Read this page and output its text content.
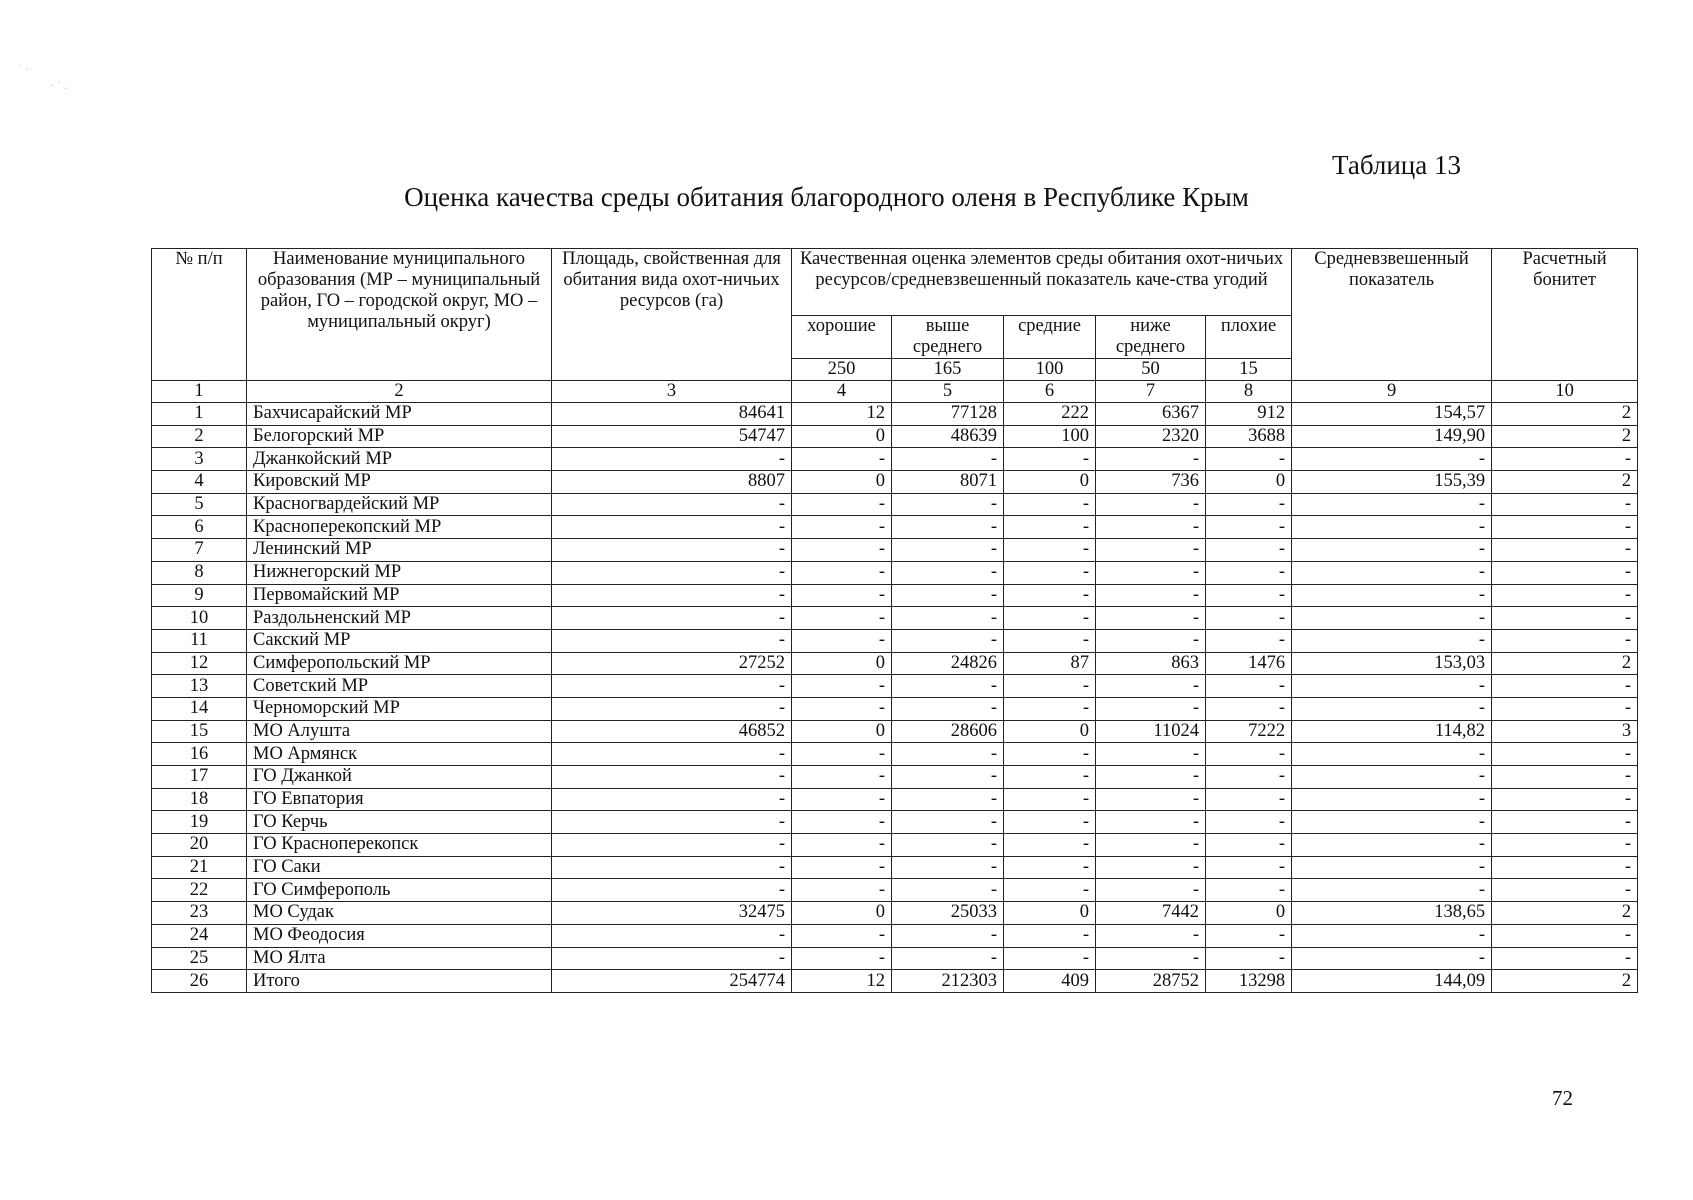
˙ ·
· ˙ .
Таблица 13
Оценка качества среды обитания благородного оленя в Республике Крым
№ п/п	Наименование муниципального образования (МР – муниципальный район, ГО – городской округ, МО – муниципальный округ)	Площадь, свойственная для обитания вида охот-ничьих ресурсов (га)	Качественная оценка элементов среды обитания охот-ничьих ресурсов/средневзвешенный показатель каче-ства угодий					Средневзвешенный показатель	Расчетный бонитет
			хорошие	выше среднего	средние	ниже среднего	плохие		
			250	165	100	50	15		
1	2	3	4	5	6	7	8	9	10
1	Бахчисарайский МР	84641	12	77128	222	6367	912	154,57	2
2	Белогорский МР	54747	0	48639	100	2320	3688	149,90	2
3	Джанкойский МР	-	-	-	-	-	-	-	-
4	Кировский МР	8807	0	8071	0	736	0	155,39	2
5	Красногвардейский МР	-	-	-	-	-	-	-	-
6	Красноперекопский МР	-	-	-	-	-	-	-	-
7	Ленинский МР	-	-	-	-	-	-	-	-
8	Нижнегорский МР	-	-	-	-	-	-	-	-
9	Первомайский МР	-	-	-	-	-	-	-	-
10	Раздольненский МР	-	-	-	-	-	-	-	-
11	Сакский МР	-	-	-	-	-	-	-	-
12	Симферопольский МР	27252	0	24826	87	863	1476	153,03	2
13	Советский МР	-	-	-	-	-	-	-	-
14	Черноморский МР	-	-	-	-	-	-	-	-
15	МО Алушта	46852	0	28606	0	11024	7222	114,82	3
16	МО Армянск	-	-	-	-	-	-	-	-
17	ГО Джанкой	-	-	-	-	-	-	-	-
18	ГО Евпатория	-	-	-	-	-	-	-	-
19	ГО Керчь	-	-	-	-	-	-	-	-
20	ГО Красноперекопск	-	-	-	-	-	-	-	-
21	ГО Саки	-	-	-	-	-	-	-	-
22	ГО Симферополь	-	-	-	-	-	-	-	-
23	МО Судак	32475	0	25033	0	7442	0	138,65	2
24	МО Феодосия	-	-	-	-	-	-	-	-
25	МО Ялта	-	-	-	-	-	-	-	-
26	Итого	254774	12	212303	409	28752	13298	144,09	2
72
